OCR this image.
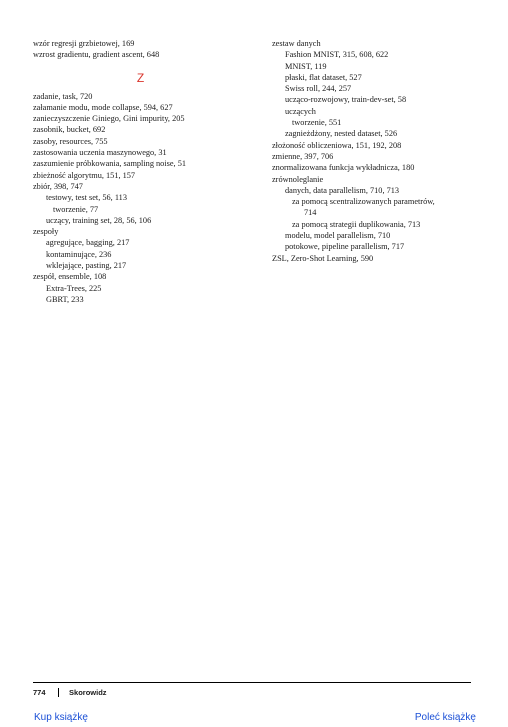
wzór regresji grzbietowej, 169
wzrost gradientu, gradient ascent, 648
Z
zadanie, task, 720
załamanie modu, mode collapse, 594, 627
zanieczyszczenie Giniego, Gini impurity, 205
zasobnik, bucket, 692
zasoby, resources, 755
zastosowania uczenia maszynowego, 31
zaszumienie próbkowania, sampling noise, 51
zbieżność algorytmu, 151, 157
zbiór, 398, 747
testowy, test set, 56, 113
tworzenie, 77
uczący, training set, 28, 56, 106
zespoły
agregujące, bagging, 217
kontaminujące, 236
wklejające, pasting, 217
zespół, ensemble, 108
Extra-Trees, 225
GBRT, 233
zestaw danych
Fashion MNIST, 315, 608, 622
MNIST, 119
płaski, flat dataset, 527
Swiss roll, 244, 257
ucząco-rozwojowy, train-dev-set, 58
uczących
tworzenie, 551
zagnieżdżony, nested dataset, 526
złożoność obliczeniowa, 151, 192, 208
zmienne, 397, 706
znormalizowana funkcja wykładnicza, 180
zrównoleglanie
danych, data parallelism, 710, 713
za pomocą scentralizowanych parametrów,
714
za pomocą strategii duplikowania, 713
modelu, model parallelism, 710
potokowe, pipeline parallelism, 717
ZSL, Zero-Shot Learning, 590
774	Skorowidz
Kup książkę	Poleć książkę
